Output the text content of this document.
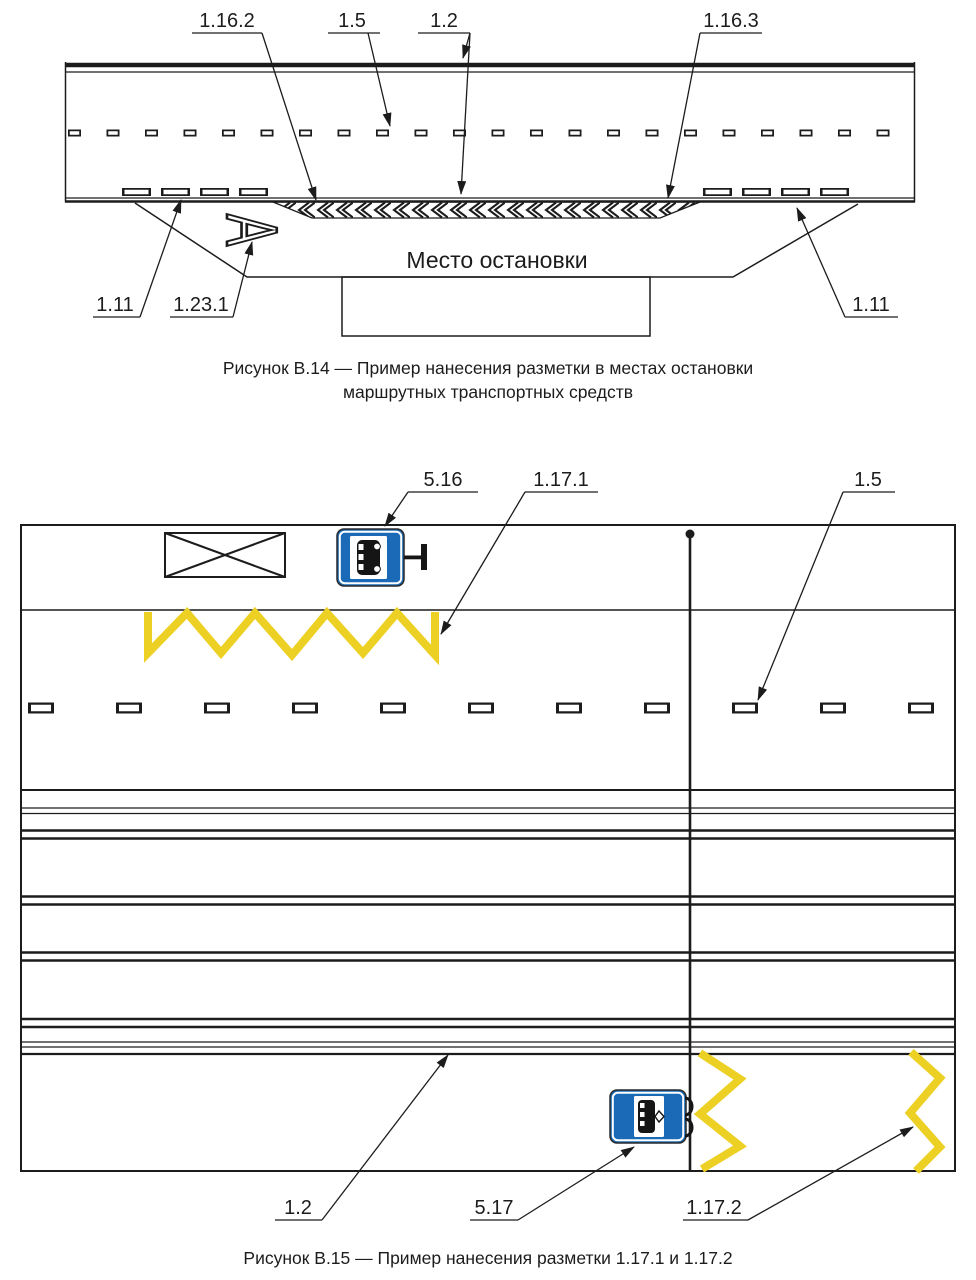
А
Место остановки
1.16.2	1.5	1.2	1.16.3
1.11 1.23.1	1.11
Рисунок В.14 — Пример нанесения разметки в местах остановки
маршрутных транспортных средств
5.16	1.17.1	1.5
1.2	5.17	1.17.2
Рисунок В.15 — Пример нанесения разметки 1.17.1 и 1.17.2
